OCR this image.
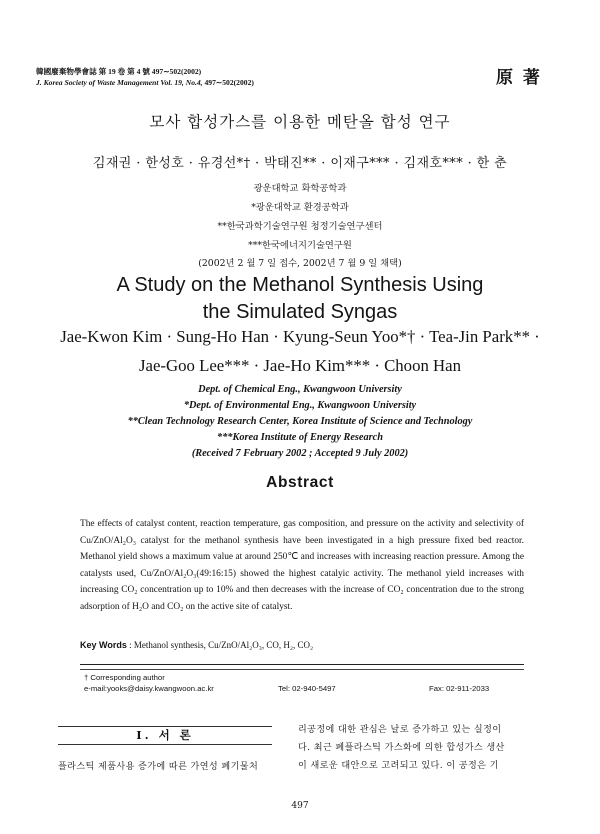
韓國廢棄物學會誌 第 19 卷 第 4 號 497∼502(2002)
J. Korea Society of Waste Management Vol. 19, No.4, 497∼502(2002)	原 著
모사 합성가스를 이용한 메탄올 합성 연구
김재권 · 한성호 · 유경선*† · 박태진** · 이재구*** · 김재호*** · 한 춘
광운대학교 화학공학과
*광운대학교 환경공학과
**한국과학기술연구원 청정기술연구센터
***한국에너지기술연구원
(2002년 2 월 7 일 접수, 2002년 7 월 9 일 채택)
A Study on the Methanol Synthesis Using
the Simulated Syngas
Jae-Kwon Kim · Sung-Ho Han · Kyung-Seun Yoo*† · Tea-Jin Park** ·
Jae-Goo Lee*** · Jae-Ho Kim*** · Choon Han
Dept. of Chemical Eng., Kwangwoon University
*Dept. of Environmental Eng., Kwangwoon University
**Clean Technology Research Center, Korea Institute of Science and Technology
***Korea Institute of Energy Research
(Received 7 February 2002 ; Accepted 9 July 2002)
Abstract
The effects of catalyst content, reaction temperature, gas composition, and pressure on the activity and selectivity of Cu/ZnO/Al₂O₃ catalyst for the methanol synthesis have been investigated in a high pressure fixed bed reactor. Methanol yield shows a maximum value at around 250℃ and increases with increasing reaction pressure. Among the catalysts used, Cu/ZnO/Al₂O₃(49:16:15) showed the highest catalyic activity. The methanol yield increases with increasing CO₂ concentration up to 10% and then decreases with the increase of CO₂ concentration due to the strong adsorption of H₂O and CO₂ on the active site of catalyst.
Key Words : Methanol synthesis, Cu/ZnO/Al₂O₃, CO, H₂, CO₂
† Corresponding author
e-mail:yooks@daisy.kwangwoon.ac.kr	Tel: 02-940-5497	Fax: 02-911-2033
Ⅰ. 서 론
플라스틱 제품사용 증가에 따른 가연성 폐기물처
리공정에 대한 관심은 날로 증가하고 있는 실정이
다. 최근 폐플라스틱 가스화에 의한 합성가스 생산
이 새로운 대안으로 고려되고 있다. 이 공정은 기
497
